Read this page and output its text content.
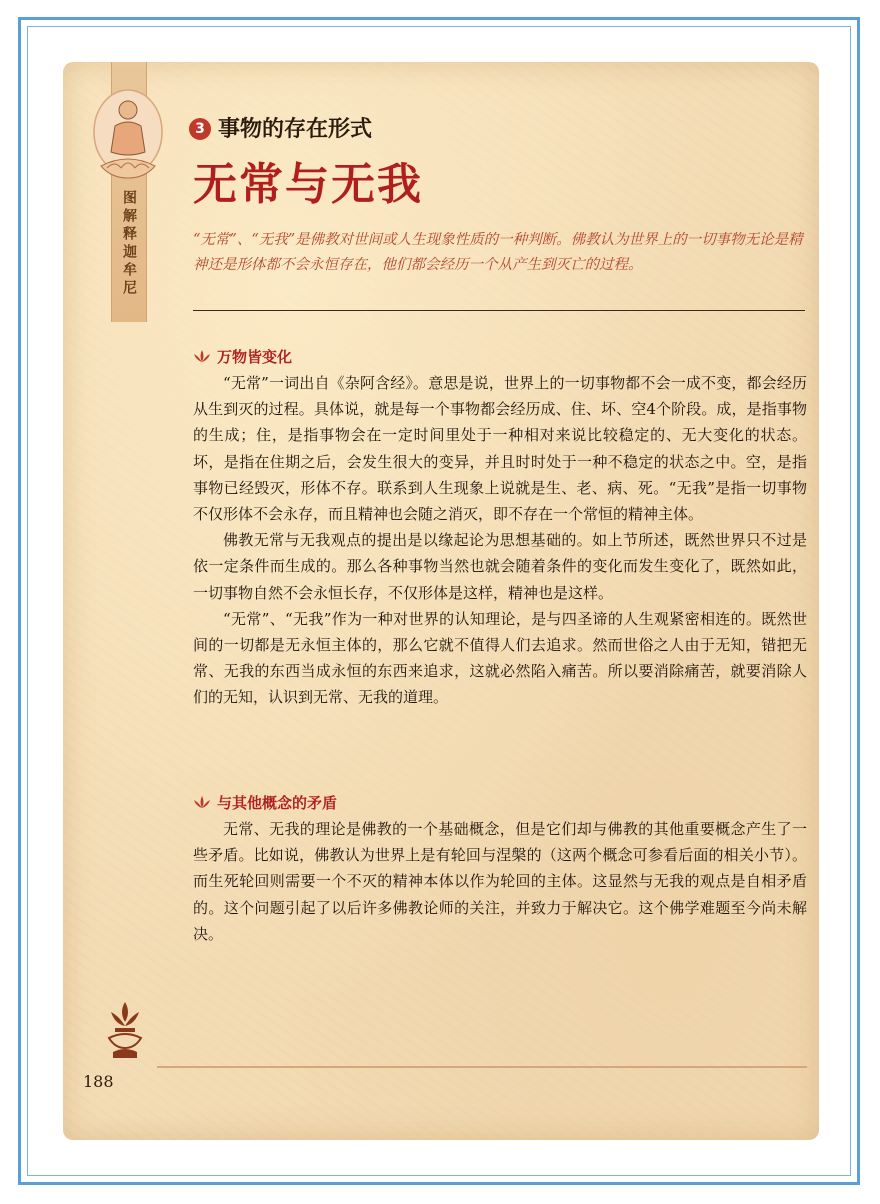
图解释迦牟尼
3 事物的存在形式
无常与无我
“无常”、“无我”是佛教对世间或人生现象性质的一种判断。佛教认为世界上的一切事物无论是精神还是形体都不会永恒存在，他们都会经历一个从产生到灭亡的过程。
万物皆变化

“无常”一词出自《杂阿含经》。意思是说，世界上的一切事物都不会一成不变，都会经历从生到灭的过程。具体说，就是每一个事物都会经历成、住、坏、空4个阶段。成，是指事物的生成；住，是指事物会在一定时间里处于一种相对来说比较稳定的、无大变化的状态。坏，是指在住期之后，会发生很大的变异，并且时时处于一种不稳定的状态之中。空，是指事物已经毁灭，形体不存。联系到人生现象上说就是生、老、病、死。“无我”是指一切事物不仅形体不会永存，而且精神也会随之消灭，即不存在一个常恒的精神主体。

佛教无常与无我观点的提出是以缘起论为思想基础的。如上节所述，既然世界只不过是依一定条件而生成的。那么各种事物当然也就会随着条件的变化而发生变化了，既然如此，一切事物自然不会永恒长存，不仅形体是这样，精神也是这样。

“无常”、“无我”作为一种对世界的认知理论，是与四圣谛的人生观紧密相连的。既然世间的一切都是无永恒主体的，那么它就不值得人们去追求。然而世俗之人由于无知，错把无常、无我的东西当成永恒的东西来追求，这就必然陷入痛苦。所以要消除痛苦，就要消除人们的无知，认识到无常、无我的道理。

与其他概念的矛盾

无常、无我的理论是佛教的一个基础概念，但是它们却与佛教的其他重要概念产生了一些矛盾。比如说，佛教认为世界上是有轮回与涅槃的（这两个概念可参看后面的相关小节）。而生死轮回则需要一个不灭的精神本体以作为轮回的主体。这显然与无我的观点是自相矛盾的。这个问题引起了以后许多佛教论师的关注，并致力于解决它。这个佛学难题至今尚未解决。

188
